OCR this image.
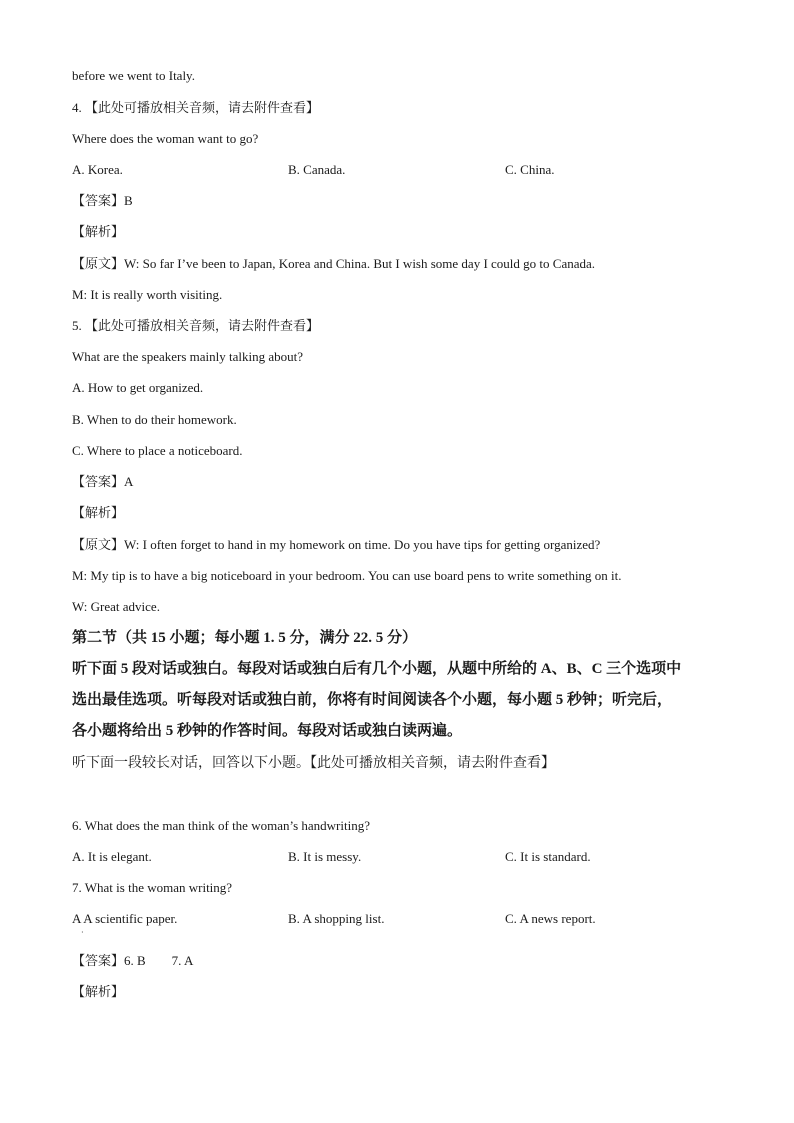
before we went to Italy.
4. 【此处可播放相关音频，请去附件查看】
Where does the woman want to go?
A. Korea.	B. Canada.	C. China.
【答案】B
【解析】
【原文】W: So far I’ve been to Japan, Korea and China. But I wish some day I could go to Canada.
M: It is really worth visiting.
5. 【此处可播放相关音频，请去附件查看】
What are the speakers mainly talking about?
A. How to get organized.
B. When to do their homework.
C. Where to place a noticeboard.
【答案】A
【解析】
【原文】W: I often forget to hand in my homework on time. Do you have tips for getting organized?
M: My tip is to have a big noticeboard in your bedroom. You can use board pens to write something on it.
W: Great advice.
第二节（共 15 小题；每小题 1. 5 分，满分 22. 5 分）
听下面 5 段对话或独白。每段对话或独白后有几个小题，从题中所给的 A、B、C 三个选项中
选出最佳选项。听每段对话或独白前，你将有时间阅读各个小题，每小题 5 秒钟；听完后，
各小题将给出 5 秒钟的作答时间。每段对话或独白读两遍。
听下面一段较长对话，回答以下小题。【此处可播放相关音频，请去附件查看】
6. What does the man think of the woman’s handwriting?
A. It is elegant.	B. It is messy.	C. It is standard.
7. What is the woman writing?
A A scientific paper.
·
B. A shopping list.	C. A news report.
【答案】6. B        7. A
【解析】
